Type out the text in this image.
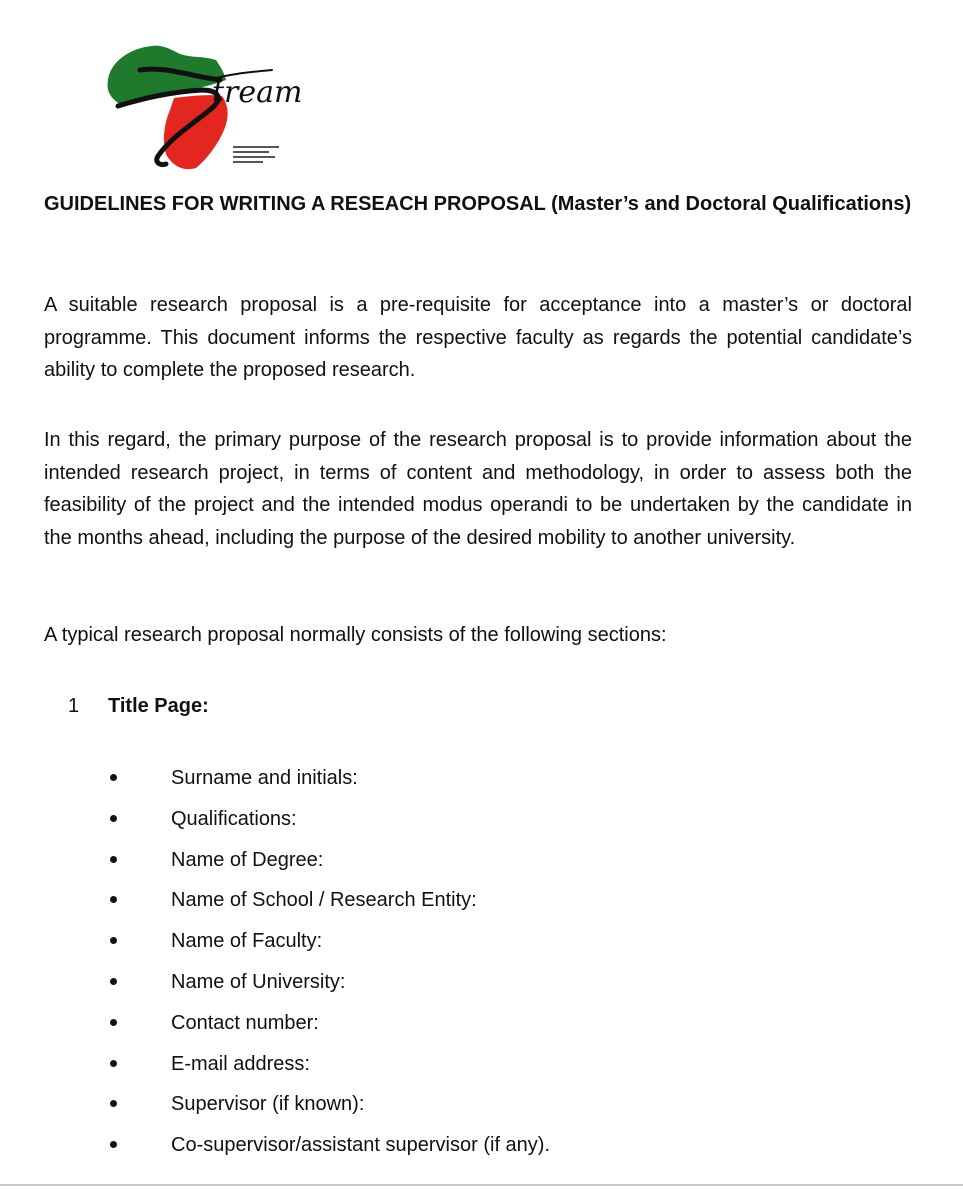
tream

GUIDELINES FOR WRITING A RESEACH PROPOSAL (Master’s and Doctoral Qualifications)

A suitable research proposal is a pre-requisite for acceptance into a master’s or doctoral programme. This document informs the respective faculty as regards the potential candidate’s ability to complete the proposed research.

In this regard, the primary purpose of the research proposal is to provide information about the intended research project, in terms of content and methodology, in order to assess both the feasibility of the project and the intended modus operandi to be undertaken by the candidate in the months ahead, including the purpose of the desired mobility to another university.

A typical research proposal normally consists of the following sections:

1 Title Page:

Surname and initials:
Qualifications:
Name of Degree:
Name of School / Research Entity:
Name of Faculty:
Name of University:
Contact number:
E-mail address:
Supervisor (if known):
Co-supervisor/assistant supervisor (if any).
